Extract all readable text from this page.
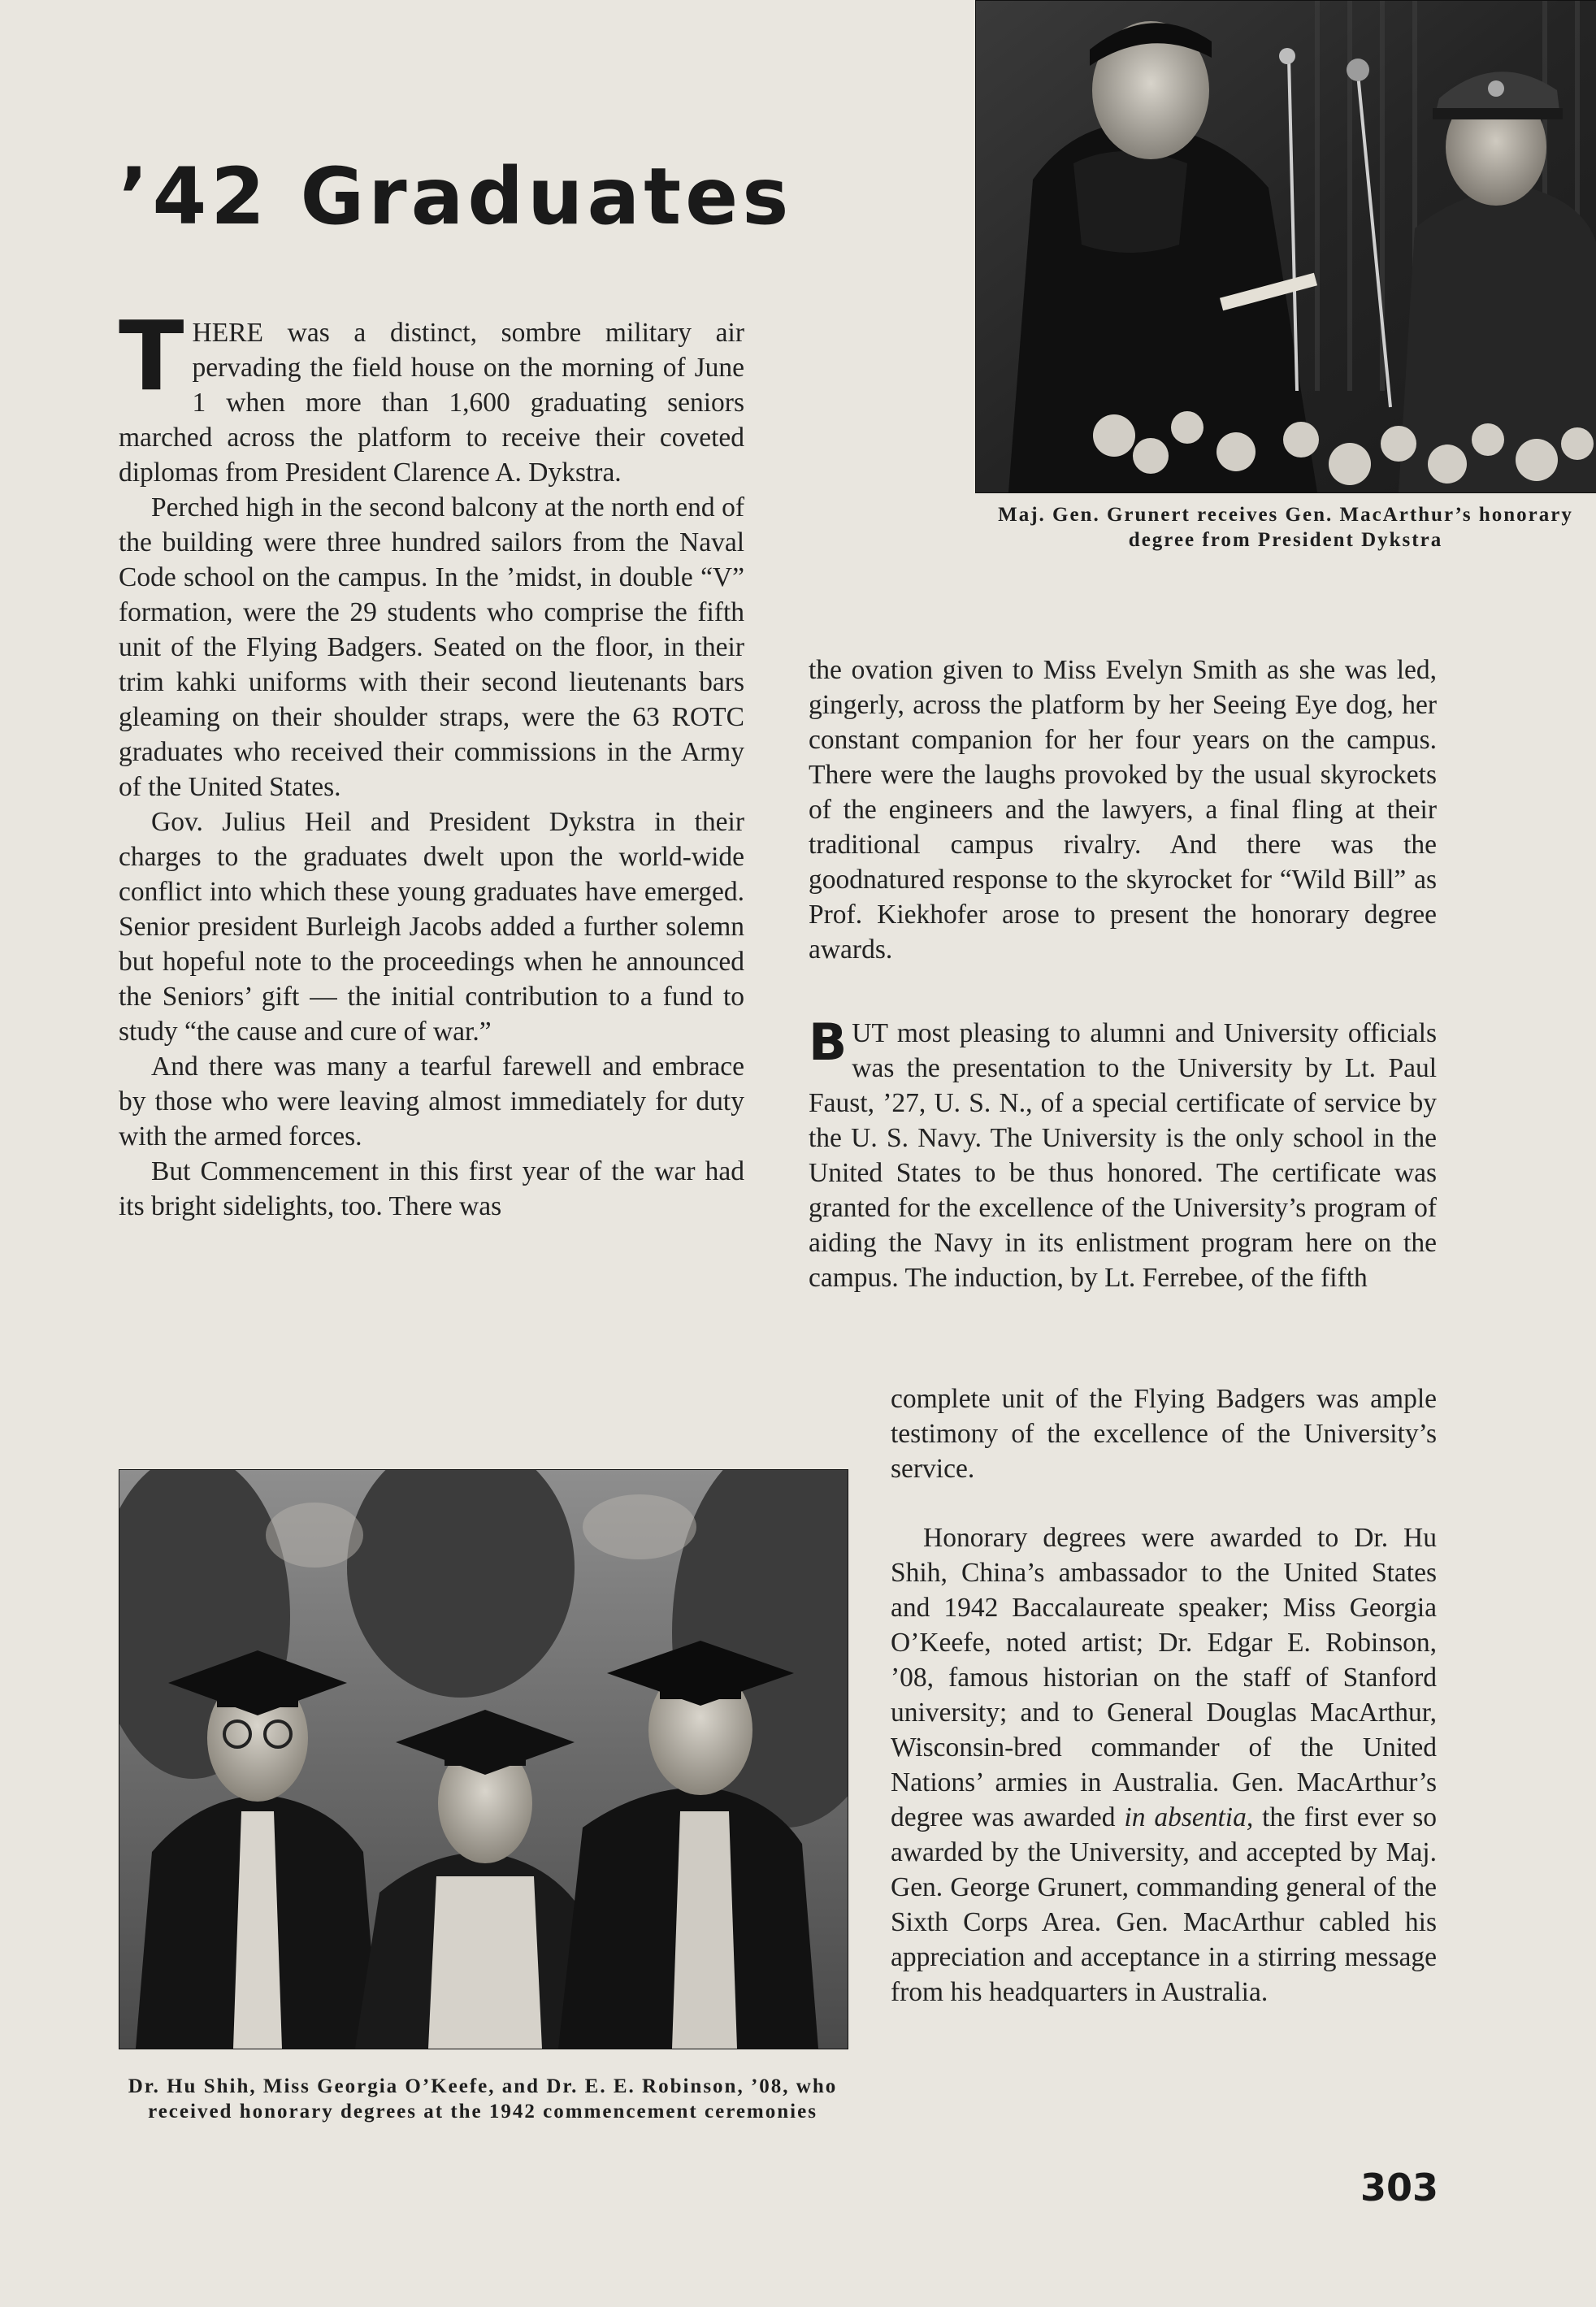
’42 Graduates
Maj. Gen. Grunert receives Gen. MacArthur’s honorary degree from President Dykstra

THERE was a distinct, sombre military air pervading the field house on the morning of June 1 when more than 1,600 graduating seniors marched across the platform to receive their coveted diplomas from President Clarence A. Dykstra.

Perched high in the second balcony at the north end of the building were three hundred sailors from the Naval Code school on the campus. In the ’midst, in double “V” formation, were the 29 students who comprise the fifth unit of the Flying Badgers. Seated on the floor, in their trim kahki uniforms with their second lieutenants bars gleaming on their shoulder straps, were the 63 ROTC graduates who received their commissions in the Army of the United States.

Gov. Julius Heil and President Dykstra in their charges to the graduates dwelt upon the world-wide conflict into which these young graduates have emerged. Senior president Burleigh Jacobs added a further solemn but hopeful note to the proceedings when he announced the Seniors’ gift — the initial contribution to a fund to study “the cause and cure of war.”

And there was many a tearful farewell and embrace by those who were leaving almost immediately for duty with the armed forces.

But Commencement in this first year of the war had its bright sidelights, too. There was

the ovation given to Miss Evelyn Smith as she was led, gingerly, across the platform by her Seeing Eye dog, her constant companion for her four years on the campus. There were the laughs provoked by the usual skyrockets of the engineers and the lawyers, a final fling at their traditional campus rivalry. And there was the goodnatured response to the skyrocket for “Wild Bill” as Prof. Kiekhofer arose to present the honorary degree awards.

BUT most pleasing to alumni and University officials was the presentation to the University by Lt. Paul Faust, ’27, U. S. N., of a special certificate of service by the U. S. Navy. The University is the only school in the United States to be thus honored. The certificate was granted for the excellence of the University’s program of aiding the Navy in its enlistment program here on the campus. The induction, by Lt. Ferrebee, of the fifth

complete unit of the Flying Badgers was ample testimony of the excellence of the University’s service.

Honorary degrees were awarded to Dr. Hu Shih, China’s ambassador to the United States and 1942 Baccalaureate speaker; Miss Georgia O’Keefe, noted artist; Dr. Edgar E. Robinson, ’08, famous historian on the staff of Stanford university; and to General Douglas MacArthur, Wisconsin-bred commander of the United Nations’ armies in Australia. Gen. MacArthur’s degree was awarded in absentia, the first ever so awarded by the University, and accepted by Maj. Gen. George Grunert, commanding general of the Sixth Corps Area. Gen. MacArthur cabled his appreciation and acceptance in a stirring message from his headquarters in Australia.

Dr. Hu Shih, Miss Georgia O’Keefe, and Dr. E. E. Robinson, ’08, who received honorary degrees at the 1942 commencement ceremonies
303
